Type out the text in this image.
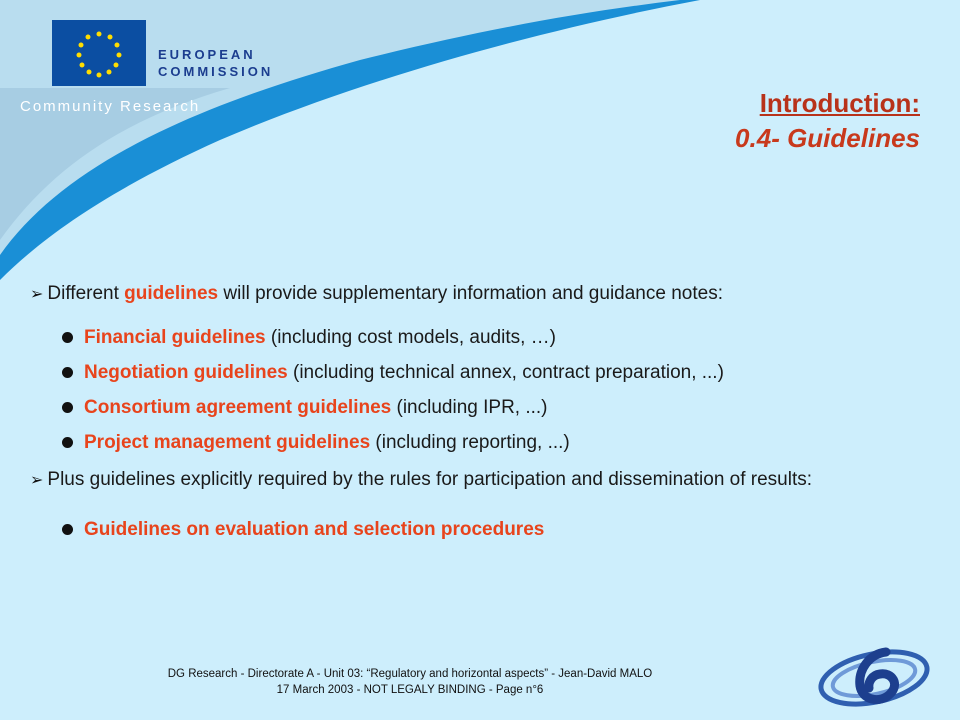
EUROPEAN
COMMISSION
Community Research	Introduction:
0.4- Guidelines
➢ Different guidelines will provide supplementary information and guidance notes:
Financial guidelines (including cost models, audits, …)
Negotiation guidelines (including technical annex, contract preparation, ...)
Consortium agreement guidelines (including IPR, ...)
Project management guidelines (including reporting, ...)
➢ Plus guidelines explicitly required by the rules for participation and dissemination of results:
Guidelines on evaluation and selection procedures
DG Research - Directorate A - Unit 03: “Regulatory and horizontal aspects” - Jean-David MALO
17 March 2003 - NOT LEGALY BINDING - Page n°6
